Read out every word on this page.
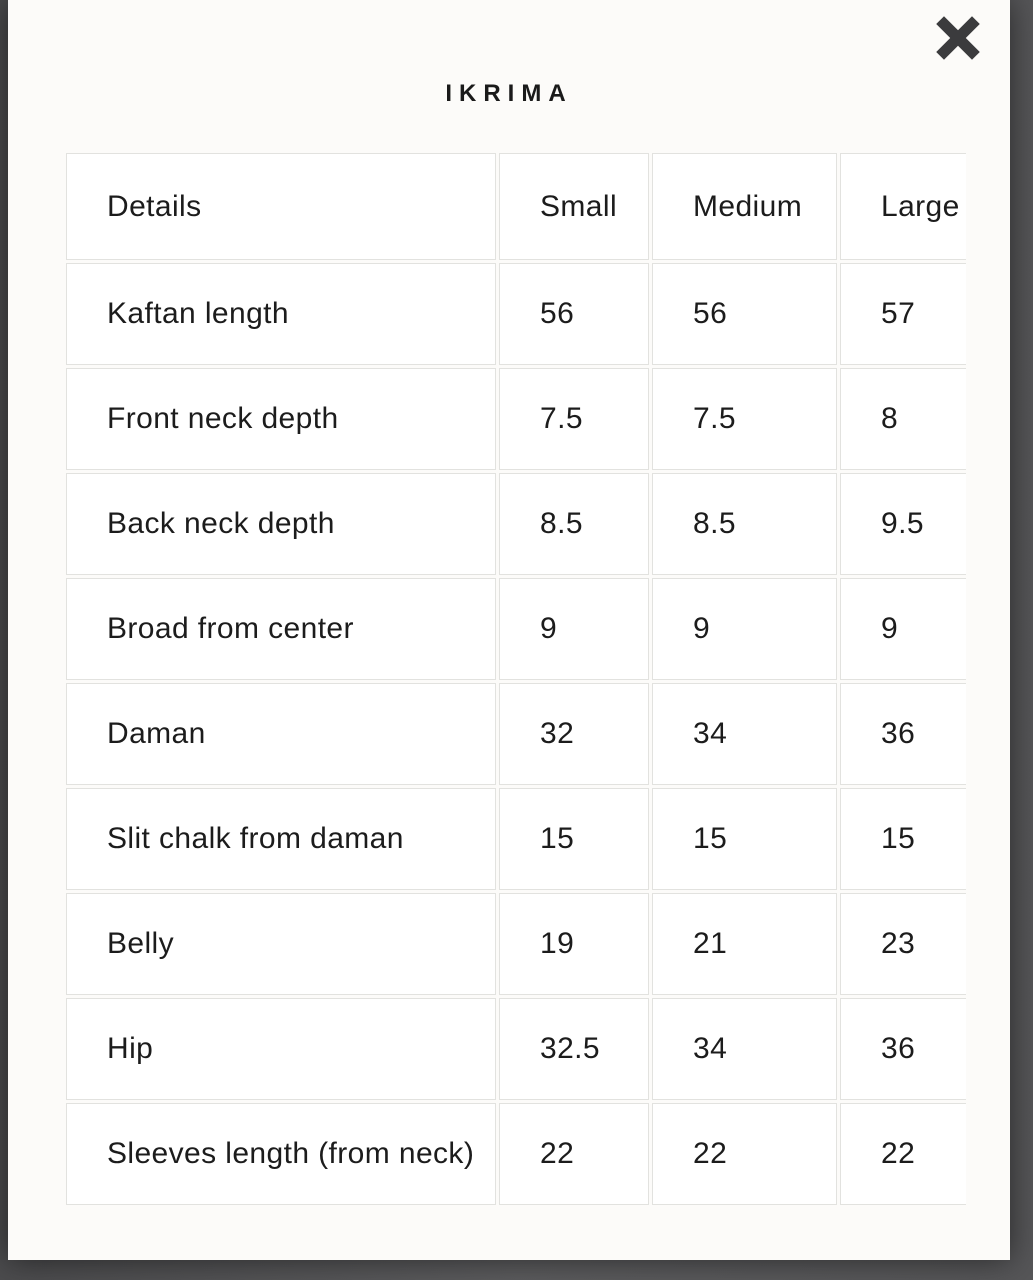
IKRIMA
Details	Small	Medium	Large
Kaftan length	56	56	57
Front neck depth	7.5	7.5	8
Back neck depth	8.5	8.5	9.5
Broad from center	9	9	9
Daman	32	34	36
Slit chalk from daman	15	15	15
Belly	19	21	23
Hip	32.5	34	36
Sleeves length (from neck)	22	22	22
